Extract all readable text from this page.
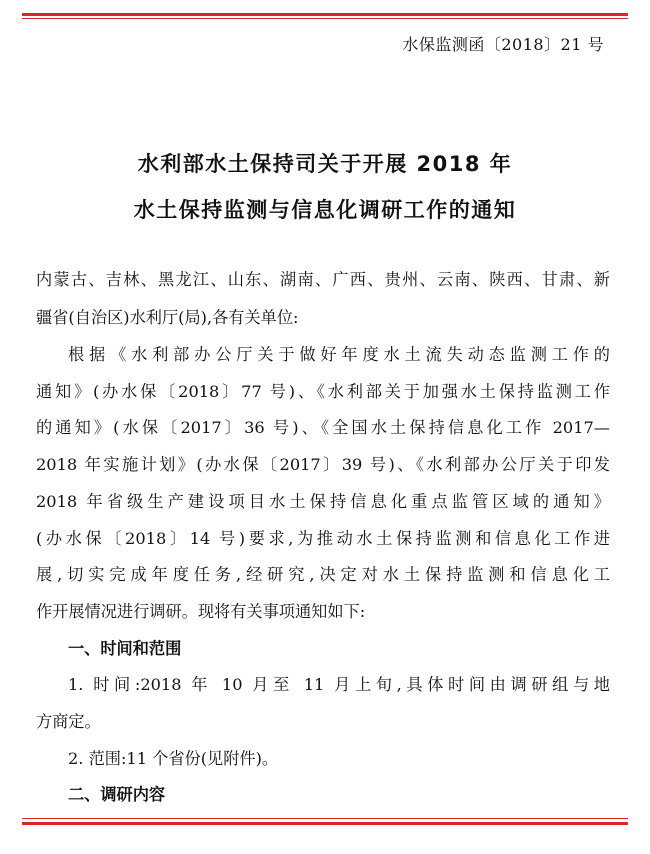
水保监测函〔2018〕21 号
水利部水土保持司关于开展 2018 年
水土保持监测与信息化调研工作的通知
内蒙古、吉林、黑龙江、山东、湖南、广西、贵州、云南、陕西、甘肃、新
疆省(自治区)水利厅(局),各有关单位:
根据《水利部办公厅关于做好年度水土流失动态监测工作的
通知》(办水保〔2018〕77 号)、《水利部关于加强水土保持监测工作
的通知》(水保〔2017〕36 号)、《全国水土保持信息化工作 2017—
2018 年实施计划》(办水保〔2017〕39 号)、《水利部办公厅关于印发
2018 年省级生产建设项目水土保持信息化重点监管区域的通知》
(办水保〔2018〕14 号)要求,为推动水土保持监测和信息化工作进
展,切实完成年度任务,经研究,决定对水土保持监测和信息化工
作开展情况进行调研。现将有关事项通知如下:
一、时间和范围
1. 时间:2018 年 10 月至 11 月上旬,具体时间由调研组与地
方商定。
2. 范围:11 个省份(见附件)。
二、调研内容
